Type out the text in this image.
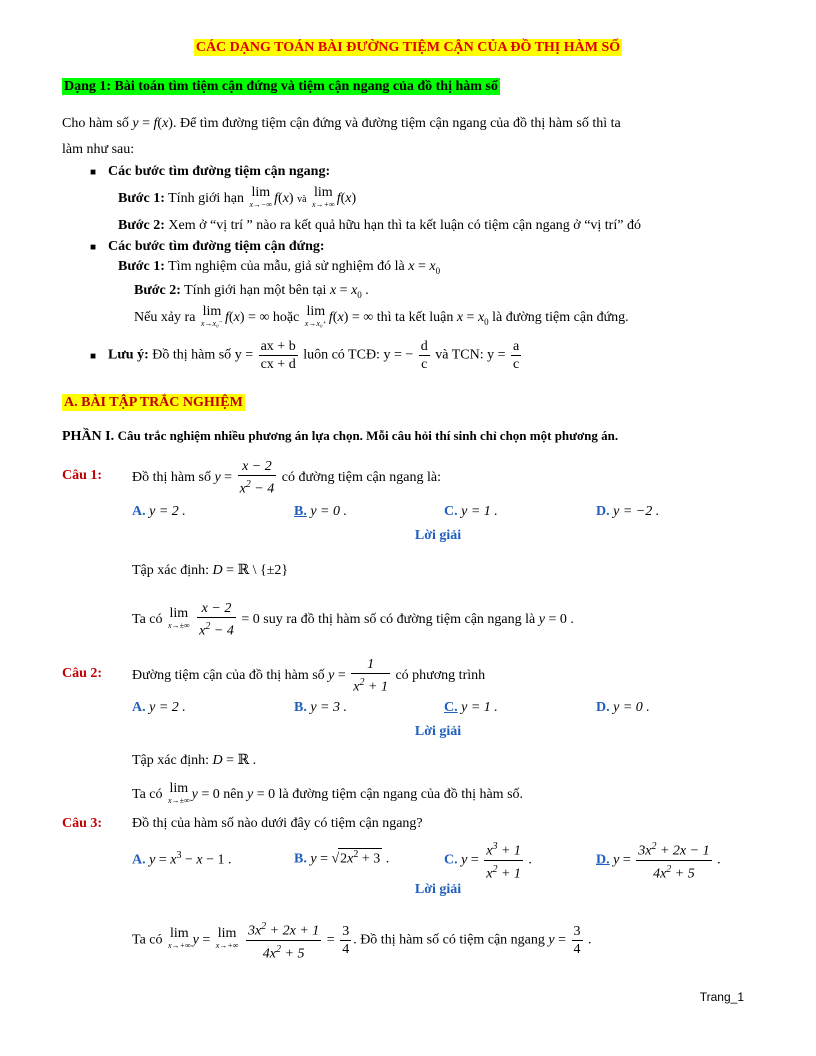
CÁC DẠNG TOÁN BÀI ĐƯỜNG TIỆM CẬN CỦA ĐỒ THỊ HÀM SỐ
Dạng 1: Bài toán tìm tiệm cận đứng và tiệm cận ngang của đồ thị hàm số
Cho hàm số y = f(x). Để tìm đường tiệm cận đứng và đường tiệm cận ngang của đồ thị hàm số thì ta
làm như sau:
■ Các bước tìm đường tiệm cận ngang:
Bước 1: Tính giới hạn lim
x→−∞ f(x) và lim
x→+∞ f(x)
Bước 2: Xem ở “vị trí ” nào ra kết quả hữu hạn thì ta kết luận có tiệm cận ngang ở “vị trí” đó
■ Các bước tìm đường tiệm cận đứng:
Bước 1: Tìm nghiệm của mẫu, giả sử nghiệm đó là $x = x_0$
Bước 2: Tính giới hạn một bên tại $x = x_0$ .
Nếu xảy ra lim
x→x₀⁻ f(x) = ∞ hoặc lim
x→x₀⁺ f(x) = ∞ thì ta kết luận $x = x_0$ là đường tiệm cận đứng.
■ Lưu ý: Đồ thị hàm số $y = \frac{ax + b}{cx + d}$ luôn có TCĐ: y = − $\frac{d}{c}$ và TCN: $y = \frac{a}{c}$
A. BÀI TẬP TRẮC NGHIỆM
PHẦN I. Câu trắc nghiệm nhiều phương án lựa chọn. Mỗi câu hỏi thí sinh chỉ chọn một phương án.
Câu 1: Đồ thị hàm số $y = \frac{x - 2}{x^2 - 4}$ có đường tiệm cận ngang là:
A. y = 2 .	B. y = 0 .	C. y = 1 .	D. y = −2 .
Lời giải
Tập xác định: D = ℝ \ {±2}
Ta có lim
x→±∞
$\frac{x - 2}{x^2 - 4} = 0$ suy ra đồ thị hàm số có đường tiệm cận ngang là y = 0 .
Câu 2: Đường tiệm cận của đồ thị hàm số $y = \frac{1}{x^2 + 1}$ có phương trình
A. y = 2 .	B. y = 3 .	C. y = 1 .	D. y = 0 .
Lời giải
Tập xác định: D = ℝ .
Ta có lim
x→±∞ y = 0 nên y = 0 là đường tiệm cận ngang của đồ thị hàm số.
Câu 3: Đồ thị của hàm số nào dưới đây có tiệm cận ngang?
A. $y = x^3 - x - 1$ .	B. $y = √2x^2 + 3$ .	C. $y = \frac{x^3 + 1}{x^2 + 1}$ .	D. $y = \frac{3x^2 + 2x - 1}{4x^2 + 5}$ .
Lời giải
Ta có lim
x→+∞ y = lim
x→+∞
$\frac{3x^2 + 2x + 1}{4x^2 + 5} = \frac{3}{4}$ . Đồ thị hàm số có tiệm cận ngang $y = \frac{3}{4}$ .
Trang_1
